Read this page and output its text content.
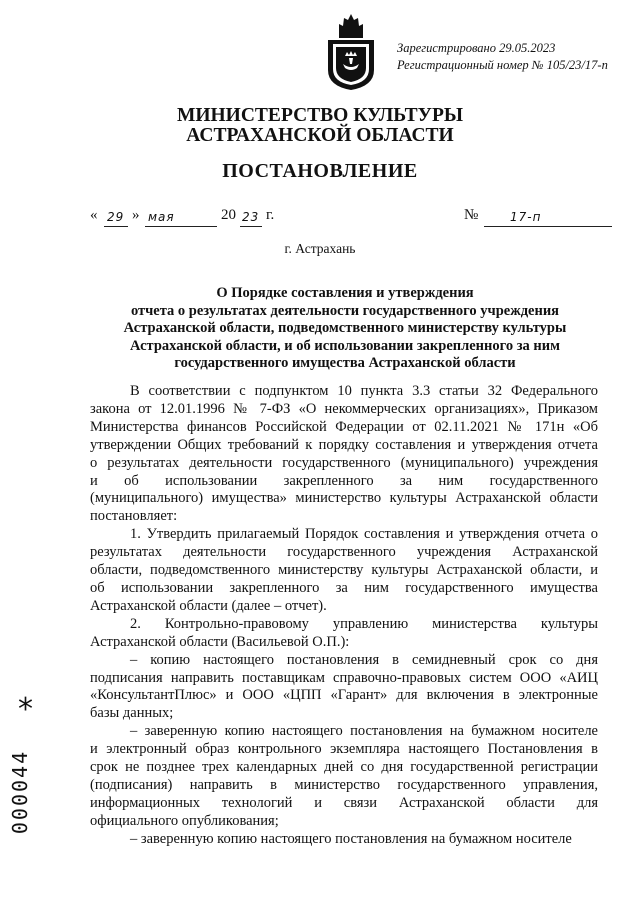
Зарегистрировано 29.05.2023
Регистрационный номер № 105/23/17-п
МИНИСТЕРСТВО КУЛЬТУРЫ
АСТРАХАНСКОЙ ОБЛАСТИ
ПОСТАНОВЛЕНИЕ
« 29 » мая	20 23 г.	№	17-п
г. Астрахань
О Порядке составления и утверждения
отчета о результатах деятельности государственного учреждения
Астраханской области, подведомственного министерству культуры
Астраханской области, и об использовании закрепленного за ним
государственного имущества Астраханской области

В соответствии с подпунктом 10 пункта 3.3 статьи 32 Федерального

закона от 12.01.1996 № 7-ФЗ «О некоммерческих организациях», Приказом

Министерства финансов Российской Федерации от 02.11.2021 № 171н «Об

утверждении Общих требований к порядку составления и утверждения отчета

о результатах деятельности государственного (муниципального) учреждения

и об использовании закрепленного за ним государственного

(муниципального) имущества» министерство культуры Астраханской области

постановляет:

1. Утвердить прилагаемый Порядок составления и утверждения отчета о

результатах деятельности государственного учреждения Астраханской

области, подведомственного министерству культуры Астраханской области, и

об использовании закрепленного за ним государственного имущества

Астраханской области (далее – отчет).

2. Контрольно-правовому управлению министерства культуры

Астраханской области (Васильевой О.П.):

– копию настоящего постановления в семидневный срок со дня

подписания направить поставщикам справочно-правовых систем ООО «АИЦ

«КонсультантПлюс» и ООО «ЦПП «Гарант» для включения в электронные

базы данных;

– заверенную копию настоящего постановления на бумажном носителе

и электронный образ контрольного экземпляра настоящего Постановления в

срок не позднее трех календарных дней со дня государственной регистрации

(подписания) направить в министерство государственного управления,

информационных технологий и связи Астраханской области для

официального опубликования;

– заверенную копию настоящего постановления на бумажном носителе

*
000044
